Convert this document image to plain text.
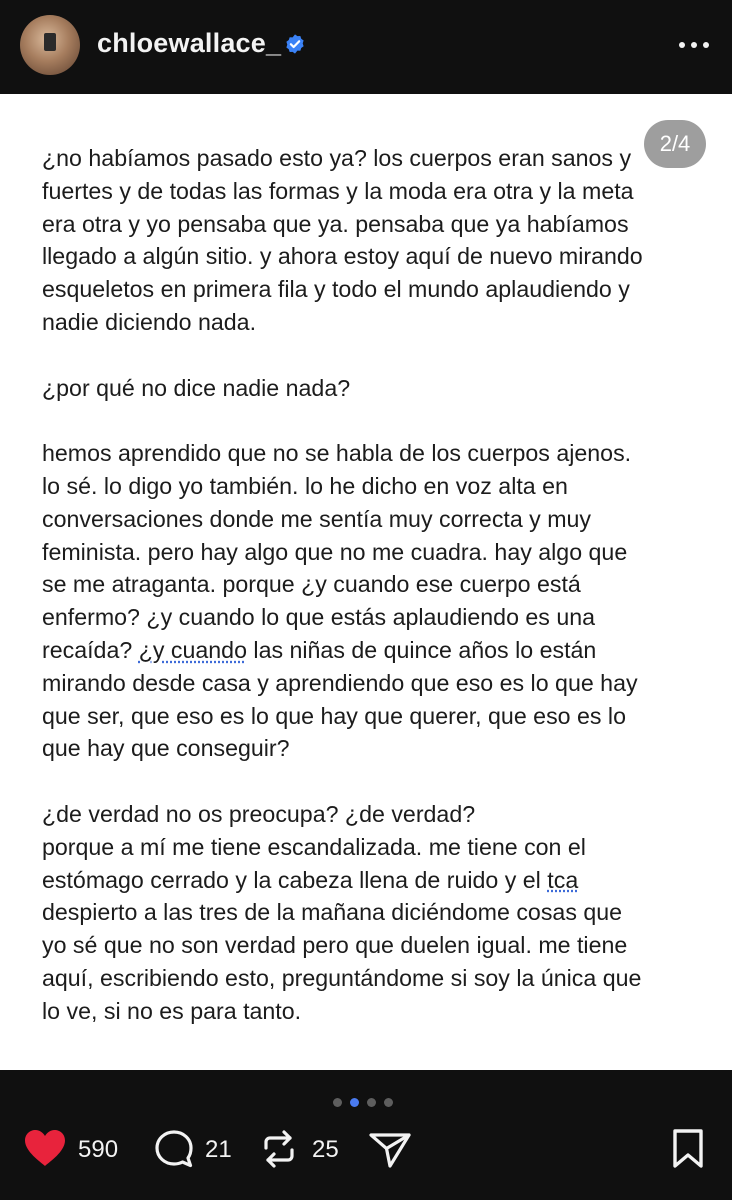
chloewallace_
2/4
¿no habíamos pasado esto ya? los cuerpos eran sanos y
fuertes y de todas las formas y la moda era otra y la meta
era otra y yo pensaba que ya. pensaba que ya habíamos
llegado a algún sitio. y ahora estoy aquí de nuevo mirando
esqueletos en primera fila y todo el mundo aplaudiendo y
nadie diciendo nada.
¿por qué no dice nadie nada?
hemos aprendido que no se habla de los cuerpos ajenos.
lo sé. lo digo yo también. lo he dicho en voz alta en
conversaciones donde me sentía muy correcta y muy
feminista. pero hay algo que no me cuadra. hay algo que
se me atraganta. porque ¿y cuando ese cuerpo está
enfermo? ¿y cuando lo que estás aplaudiendo es una
recaída? ¿y cuando las niñas de quince años lo están
mirando desde casa y aprendiendo que eso es lo que hay
que ser, que eso es lo que hay que querer, que eso es lo
que hay que conseguir?
¿de verdad no os preocupa? ¿de verdad?
porque a mí me tiene escandalizada. me tiene con el
estómago cerrado y la cabeza llena de ruido y el tca
despierto a las tres de la mañana diciéndome cosas que
yo sé que no son verdad pero que duelen igual. me tiene
aquí, escribiendo esto, preguntándome si soy la única que
lo ve, si no es para tanto.
590	21	25
